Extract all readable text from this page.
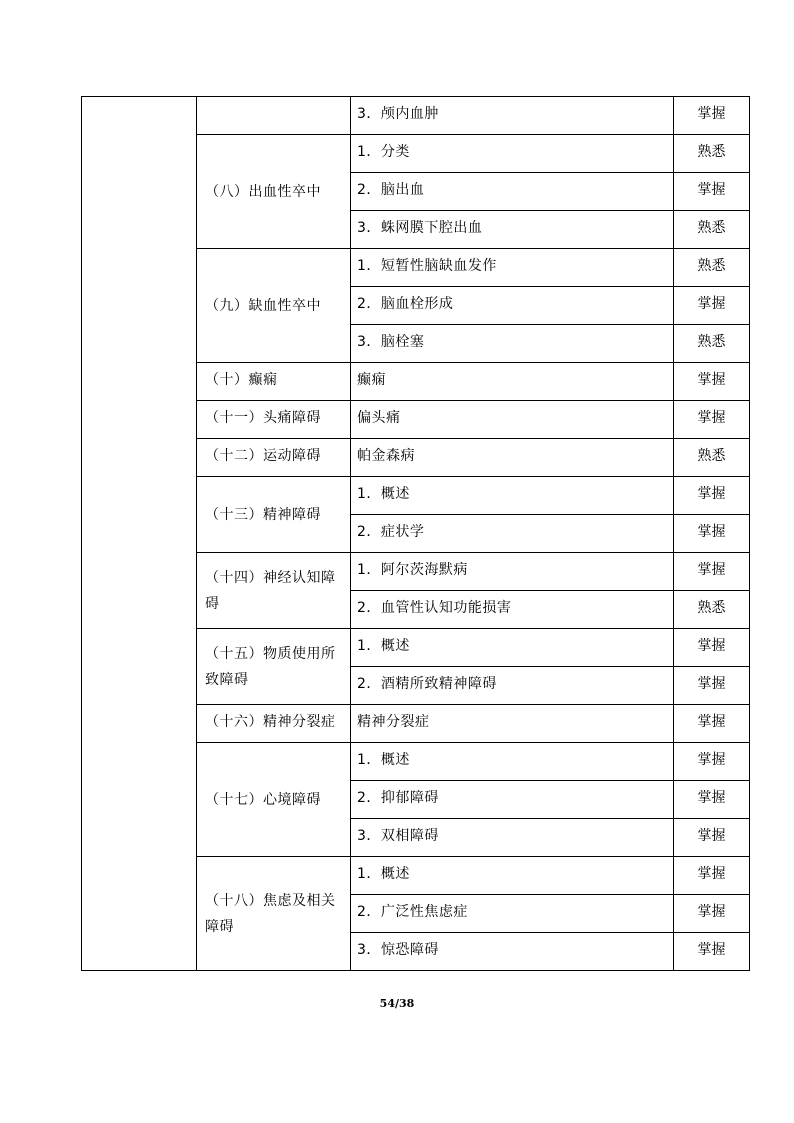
		3．颅内血肿	掌握
	（八）出血性卒中	1．分类	熟悉
		2．脑出血	掌握
		3．蛛网膜下腔出血	熟悉
	（九）缺血性卒中	1．短暂性脑缺血发作	熟悉
		2．脑血栓形成	掌握
		3．脑栓塞	熟悉
	（十）癫痫	癫痫	掌握
	（十一）头痛障碍	偏头痛	掌握
	（十二）运动障碍	帕金森病	熟悉
	（十三）精神障碍	1．概述	掌握
		2．症状学	掌握
	（十四）神经认知障碍	1．阿尔茨海默病	掌握
		2．血管性认知功能损害	熟悉
	（十五）物质使用所致障碍	1．概述	掌握
		2．酒精所致精神障碍	掌握
	（十六）精神分裂症	精神分裂症	掌握
	（十七）心境障碍	1．概述	掌握
		2．抑郁障碍	掌握
		3．双相障碍	掌握
	（十八）焦虑及相关障碍	1．概述	掌握
		2．广泛性焦虑症	掌握
		3．惊恐障碍	掌握
54/38
